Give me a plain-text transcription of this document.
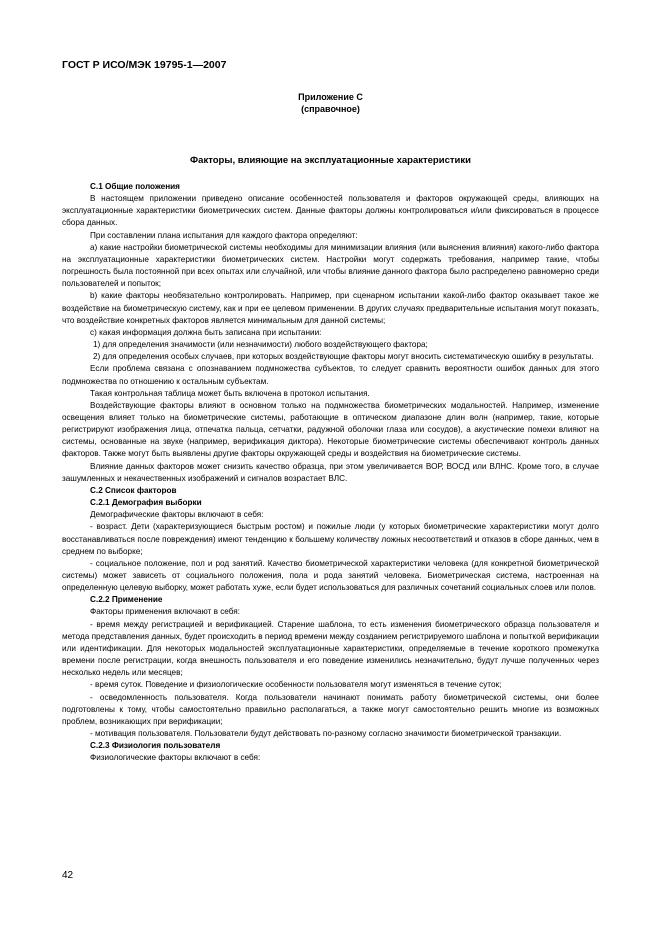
ГОСТ Р ИСО/МЭК 19795-1—2007
Приложение С
(справочное)
Факторы, влияющие на эксплуатационные характеристики

С.1 Общие положения

В настоящем приложении приведено описание особенностей пользователя и факторов окружающей среды, влияющих на эксплуатационные характеристики биометрических систем. Данные факторы должны контролироваться и/или фиксироваться в процессе сбора данных.

При составлении плана испытания для каждого фактора определяют:

а) какие настройки биометрической системы необходимы для минимизации влияния (или выяснения влияния) какого-либо фактора на эксплуатационные характеристики биометрических систем. Настройки могут содержать требования, например такие, чтобы погрешность была постоянной при всех опытах или случайной, или чтобы влияние данного фактора было распределено равномерно среди пользователей и попыток;

b) какие факторы необязательно контролировать. Например, при сценарном испытании какой-либо фактор оказывает такое же воздействие на биометрическую систему, как и при ее целевом применении. В других случаях предварительные испытания могут показать, что воздействие конкретных факторов является минимальным для данной системы;

с) какая информация должна быть записана при испытании:

1) для определения значимости (или незначимости) любого воздействующего фактора;

2) для определения особых случаев, при которых воздействующие факторы могут вносить систематическую ошибку в результаты.

Если проблема связана с опознаванием подмножества субъектов, то следует сравнить вероятности ошибок данных для этого подмножества по отношению к остальным субъектам.

Такая контрольная таблица может быть включена в протокол испытания.

Воздействующие факторы влияют в основном только на подмножества биометрических модальностей. Например, изменение освещения влияет только на биометрические системы, работающие в оптическом диапазоне длин волн (например, такие, которые регистрируют изображения лица, отпечатка пальца, сетчатки, радужной оболочки глаза или сосудов), а акустические помехи влияют на системы, основанные на звуке (например, верификация диктора). Некоторые биометрические системы обеспечивают контроль данных факторов. Также могут быть выявлены другие факторы окружающей среды и воздействия на биометрические системы.

Влияние данных факторов может снизить качество образца, при этом увеличивается ВОР, ВОСД или ВЛНС. Кроме того, в случае зашумленных и некачественных изображений и сигналов возрастает ВЛС.

С.2 Список факторов

С.2.1 Демография выборки

Демографические факторы включают в себя:

- возраст. Дети (характеризующиеся быстрым ростом) и пожилые люди (у которых биометрические характеристики могут долго восстанавливаться после повреждения) имеют тенденцию к большему количеству ложных несоответствий и отказов в сборе данных, чем в среднем по выборке;

- социальное положение, пол и род занятий. Качество биометрической характеристики человека (для конкретной биометрической системы) может зависеть от социального положения, пола и рода занятий человека. Биометрическая система, настроенная на определенную целевую выборку, может работать хуже, если будет использоваться для различных сочетаний социальных слоев или полов.

С.2.2 Применение

Факторы применения включают в себя:

- время между регистрацией и верификацией. Старение шаблона, то есть изменения биометрического образца пользователя и метода представления данных, будет происходить в период времени между созданием регистрируемого шаблона и попыткой верификации или идентификации. Для некоторых модальностей эксплуатационные характеристики, определяемые в течение короткого промежутка времени после регистрации, когда внешность пользователя и его поведение изменились незначительно, будут лучше полученных через несколько недель или месяцев;

- время суток. Поведение и физиологические особенности пользователя могут изменяться в течение суток;

- осведомленность пользователя. Когда пользователи начинают понимать работу биометрической системы, они более подготовлены к тому, чтобы самостоятельно правильно располагаться, а также могут самостоятельно решить многие из возможных проблем, возникающих при верификации;

- мотивация пользователя. Пользователи будут действовать по-разному согласно значимости биометрической транзакции.

С.2.3 Физиология пользователя

Физиологические факторы включают в себя:

42
